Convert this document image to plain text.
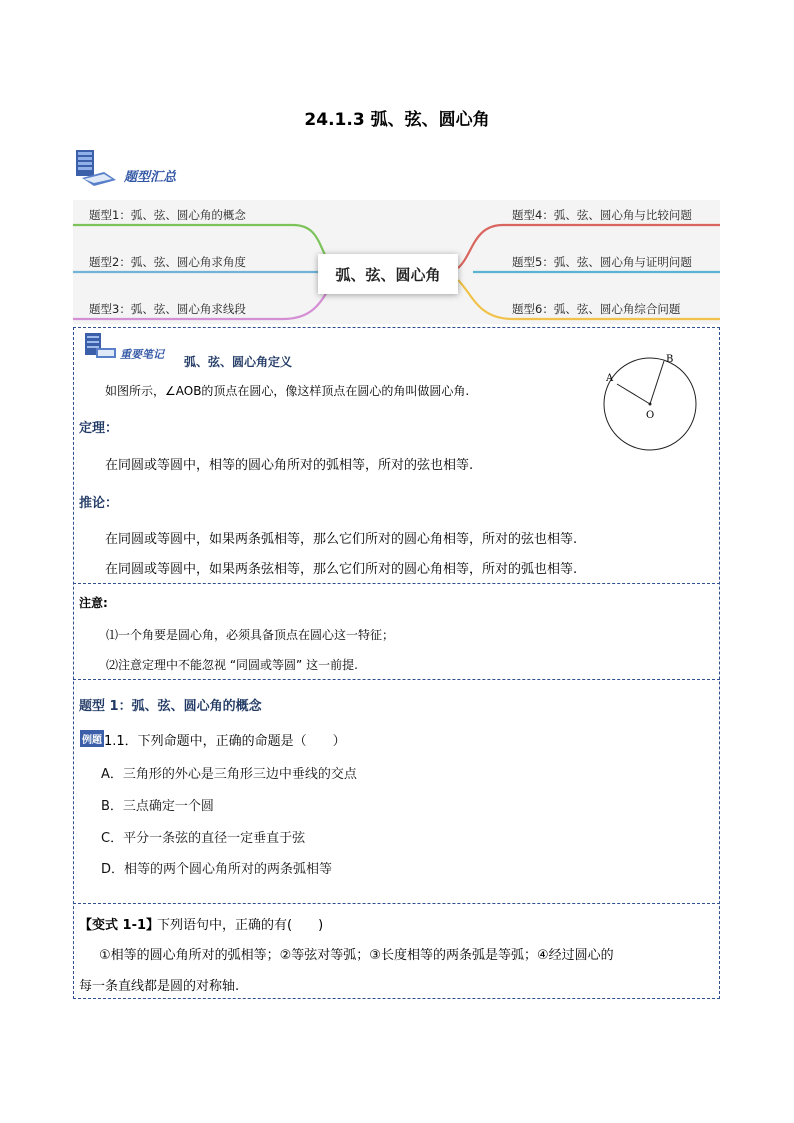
24.1.3 弧、弦、圆心角
题型汇总
题型1：弧、弦、圆心角的概念
题型2：弧、弦、圆心角求角度
题型3：弧、弦、圆心角求线段
题型4：弧、弦、圆心角与比较问题
题型5：弧、弦、圆心角与证明问题
题型6：弧、弦、圆心角综合问题
弧、弦、圆心角
重要笔记
弧、弦、圆心角定义
如图所示，∠AOB的顶点在圆心，像这样顶点在圆心的角叫做圆心角.
A
B
O
定理：
在同圆或等圆中，相等的圆心角所对的弧相等，所对的弦也相等.
推论：
在同圆或等圆中，如果两条弧相等，那么它们所对的圆心角相等，所对的弦也相等.
在同圆或等圆中，如果两条弦相等，那么它们所对的圆心角相等，所对的弧也相等.
注意:
⑴一个角要是圆心角，必须具备顶点在圆心这一特征；
⑵注意定理中不能忽视 “同圆或等圆” 这一前提.
题型 1：弧、弦、圆心角的概念
例题 1.1．下列命题中，正确的命题是（　　）
A．三角形的外心是三角形三边中垂线的交点
B．三点确定一个圆
C．平分一条弦的直径一定垂直于弦
D．相等的两个圆心角所对的两条弧相等
【变式 1-1】
下列语句中，正确的有(　　)
①相等的圆心角所对的弧相等；②等弦对等弧；③长度相等的两条弧是等弧；④经过圆心的
每一条直线都是圆的对称轴.
